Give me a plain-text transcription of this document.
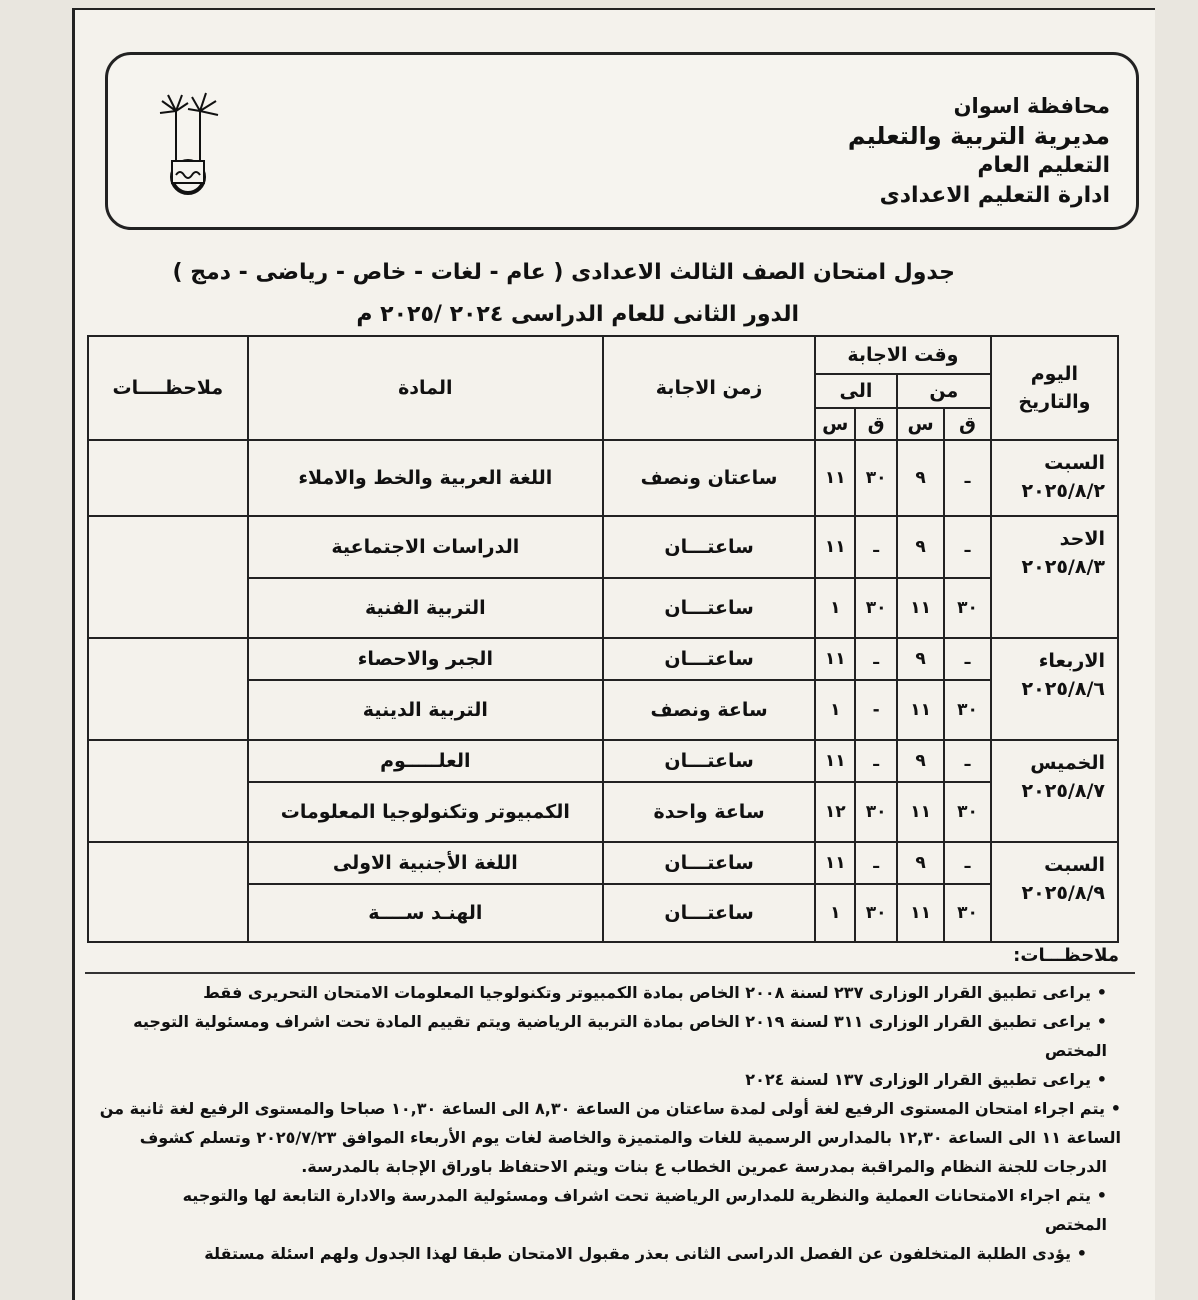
محافظة اسوان
مديرية التربية والتعليم
التعليم العام
ادارة التعليم الاعدادى
جدول امتحان الصف الثالث الاعدادى ( عام - لغات - خاص - رياضى - دمج )
الدور الثانى للعام الدراسى ٢٠٢٤ /٢٠٢٥ م
اليوم والتاريخ	وقت الاجابة				زمن الاجابة	المادة	ملاحظــــات
	من		الى				
	ق	س	ق	س			

السبت
٢٠٢٥/٨/٢	ـ	٩	٣٠	١١	ساعتان ونصف	اللغة العربية والخط والاملاء	

الاحد
٢٠٢٥/٨/٣	ـ	٩	ـ	١١	ساعتـــان	الدراسات الاجتماعية	
	٣٠	١١	٣٠	١	ساعتـــان	التربية الفنية	

الاربعاء
٢٠٢٥/٨/٦	ـ	٩	ـ	١١	ساعتـــان	الجبر والاحصاء	
	٣٠	١١	-	١	ساعة ونصف	التربية الدينية	

الخميس
٢٠٢٥/٨/٧	ـ	٩	ـ	١١	ساعتـــان	العلـــــوم	
	٣٠	١١	٣٠	١٢	ساعة واحدة	الكمبيوتر وتكنولوجيا المعلومات	

السبت
٢٠٢٥/٨/٩	ـ	٩	ـ	١١	ساعتـــان	اللغة الأجنبية الاولى	
	٣٠	١١	٣٠	١	ساعتـــان	الهنـد ســــة	
ملاحظـــات:
• يراعى تطبيق القرار الوزارى ٢٣٧ لسنة ٢٠٠٨ الخاص بمادة الكمبيوتر وتكنولوجيا المعلومات الامتحان التحريرى فقط
• يراعى تطبيق القرار الوزارى ٣١١ لسنة ٢٠١٩ الخاص بمادة التربية الرياضية ويتم تقييم المادة تحت اشراف ومسئولية التوجيه
المختص
• يراعى تطبيق القرار الوزارى ١٣٧ لسنة ٢٠٢٤
• يتم اجراء امتحان المستوى الرفيع لغة أولى لمدة ساعتان من الساعة ٨,٣٠ الى الساعة ١٠,٣٠ صباحا والمستوى الرفيع لغة ثانية من
الساعة ١١ الى الساعة ١٢,٣٠ بالمدارس الرسمية للغات والمتميزة والخاصة لغات يوم الأربعاء الموافق ٢٠٢٥/٧/٢٣ وتسلم كشوف
الدرجات للجنة النظام والمراقبة بمدرسة عمرين الخطاب ع بنات ويتم الاحتفاظ باوراق الإجابة بالمدرسة.
• يتم اجراء الامتحانات العملية والنظرية للمدارس الرياضية تحت اشراف ومسئولية المدرسة والادارة التابعة لها والتوجيه
المختص
• يؤدى الطلبة المتخلفون عن الفصل الدراسى الثانى بعذر مقبول الامتحان طبقا لهذا الجدول ولهم اسئلة مستقلة
